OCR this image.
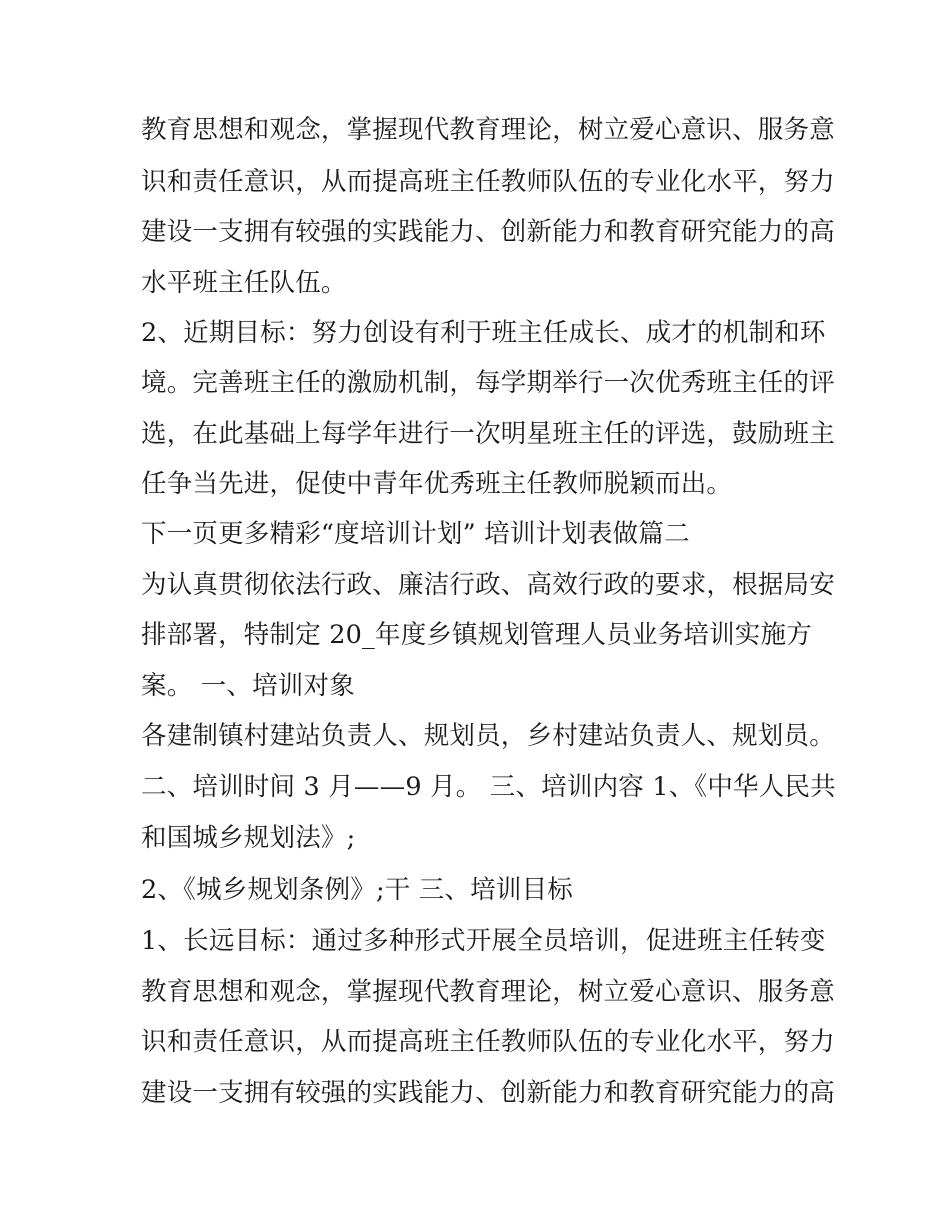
教育思想和观念，掌握现代教育理论，树立爱心意识、服务意
识和责任意识，从而提高班主任教师队伍的专业化水平，努力
建设一支拥有较强的实践能力、创新能力和教育研究能力的高
水平班主任队伍。
2、近期目标：努力创设有利于班主任成长、成才的机制和环
境。完善班主任的激励机制，每学期举行一次优秀班主任的评
选，在此基础上每学年进行一次明星班主任的评选，鼓励班主
任争当先进，促使中青年优秀班主任教师脱颖而出。
下一页更多精彩“度培训计划” 培训计划表做篇二
为认真贯彻依法行政、廉洁行政、高效行政的要求，根据局安
排部署，特制定 20_年度乡镇规划管理人员业务培训实施方
案。 一、培训对象
各建制镇村建站负责人、规划员，乡村建站负责人、规划员。
二、培训时间 3 月——9 月。 三、培训内容 1、《中华人民共
和国城乡规划法》;
2、《城乡规划条例》;干 三、培训目标
1、长远目标：通过多种形式开展全员培训，促进班主任转变
教育思想和观念，掌握现代教育理论，树立爱心意识、服务意
识和责任意识，从而提高班主任教师队伍的专业化水平，努力
建设一支拥有较强的实践能力、创新能力和教育研究能力的高
